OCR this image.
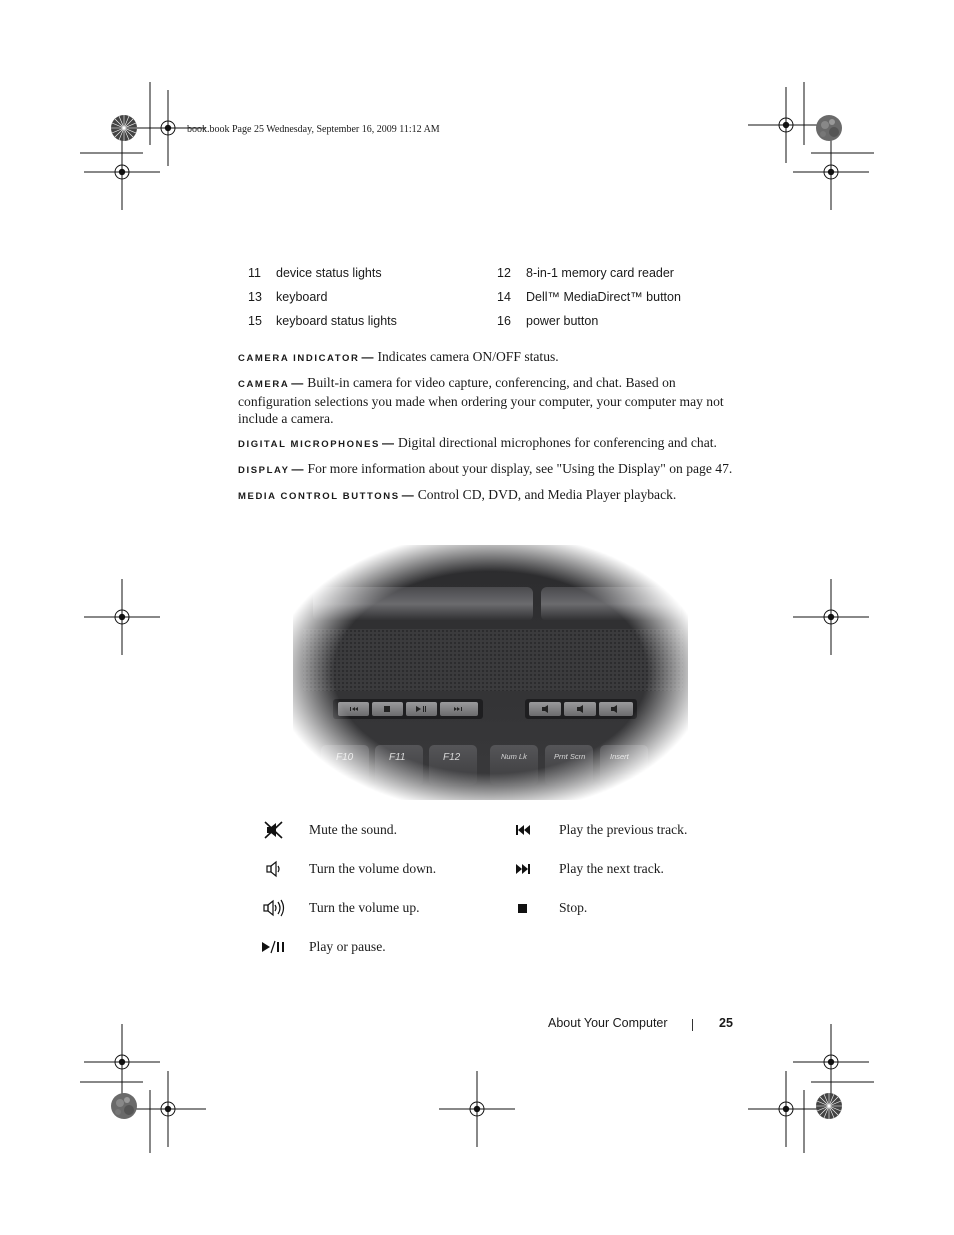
book.book Page 25 Wednesday, September 16, 2009 11:12 AM
11 device status lights	12 8-in-1 memory card reader
13 keyboard	14 Dell™ MediaDirect™ button
15 keyboard status lights	16 power button

CAMERA INDICATOR — Indicates camera ON/OFF status.

CAMERA — Built-in camera for video capture, conferencing, and chat. Based on configuration selections you made when ordering your computer, your computer may not include a camera.

DIGITAL MICROPHONES — Digital directional microphones for conferencing and chat.

DISPLAY — For more information about your display, see "Using the Display" on page 47.

MEDIA CONTROL BUTTONS — Control CD, DVD, and Media Player playback.

Mute the sound.	Play the previous track.
Turn the volume down.	Play the next track.
Turn the volume up.	Stop.
Play or pause.
About Your Computer	25
